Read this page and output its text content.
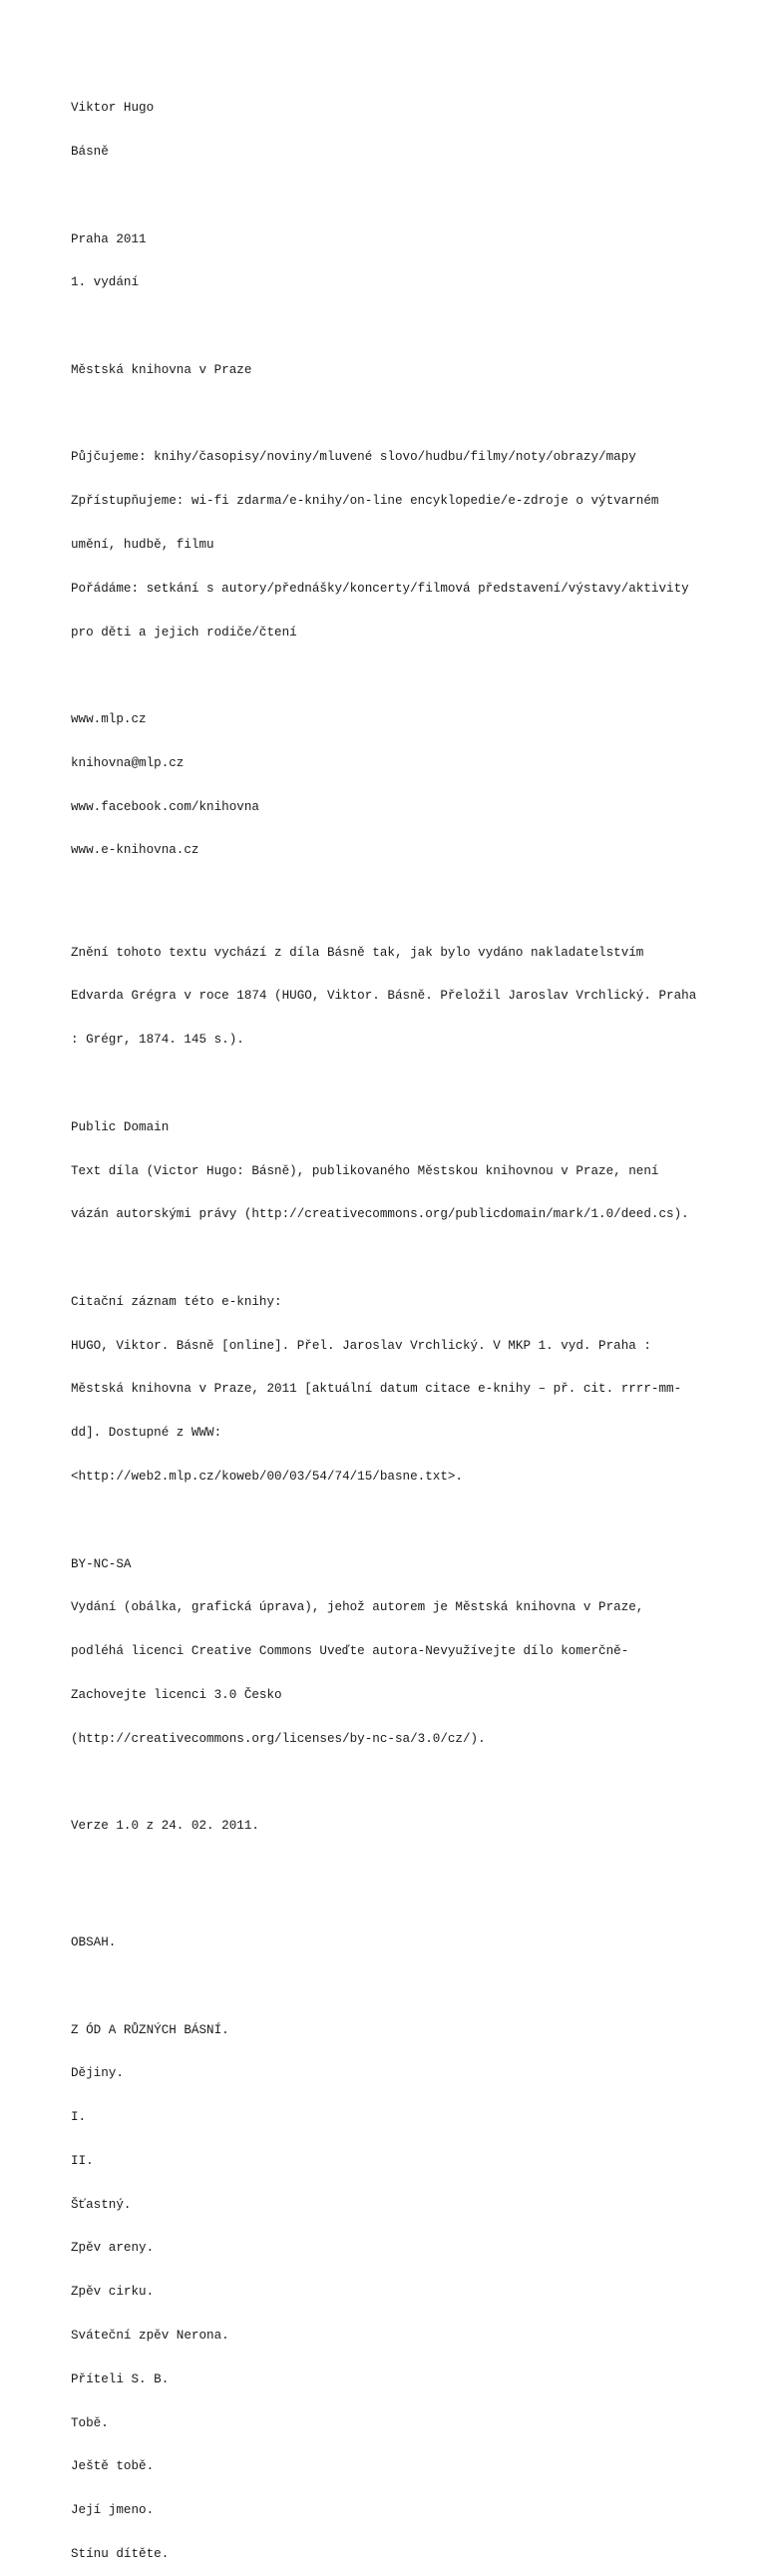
Viktor Hugo

Básně

Praha 2011

1. vydání

Městská knihovna v Praze

Půjčujeme: knihy/časopisy/noviny/mluvené slovo/hudbu/filmy/noty/obrazy/mapy

Zpřístupňujeme: wi-fi zdarma/e-knihy/on-line encyklopedie/e-zdroje o výtvarném

umění, hudbě, filmu

Pořádáme: setkání s autory/přednášky/koncerty/filmová představení/výstavy/aktivity

pro děti a jejich rodiče/čtení

www.mlp.cz

knihovna@mlp.cz

www.facebook.com/knihovna

www.e-knihovna.cz

Znění tohoto textu vychází z díla Básně tak, jak bylo vydáno nakladatelstvím

Edvarda Grégra v roce 1874 (HUGO, Viktor. Básně. Přeložil Jaroslav Vrchlický. Praha

: Grégr, 1874. 145 s.).

Public Domain

Text díla (Victor Hugo: Básně), publikovaného Městskou knihovnou v Praze, není

vázán autorskými právy (http://creativecommons.org/publicdomain/mark/1.0/deed.cs).

Citační záznam této e-knihy:

HUGO, Viktor. Básně [online]. Přel. Jaroslav Vrchlický. V MKP 1. vyd. Praha :

Městská knihovna v Praze, 2011 [aktuální datum citace e-knihy – př. cit. rrrr-mm-

dd]. Dostupné z WWW:

<http://web2.mlp.cz/koweb/00/03/54/74/15/basne.txt>.

BY-NC-SA

Vydání (obálka, grafická úprava), jehož autorem je Městská knihovna v Praze,

podléhá licenci Creative Commons Uveďte autora-Nevyužívejte dílo komerčně-

Zachovejte licenci 3.0 Česko

(http://creativecommons.org/licenses/by-nc-sa/3.0/cz/).

Verze 1.0 z 24. 02. 2011.

OBSAH.

Z ÓD A RŮZNÝCH BÁSNÍ.

Dějiny.

I.

II.

Šťastný.

Zpěv areny.

Zpěv cirku.

Sváteční zpěv Nerona.

Příteli S. B.

Tobě.

Ještě tobě.

Její jmeno.

Stínu dítěte.
